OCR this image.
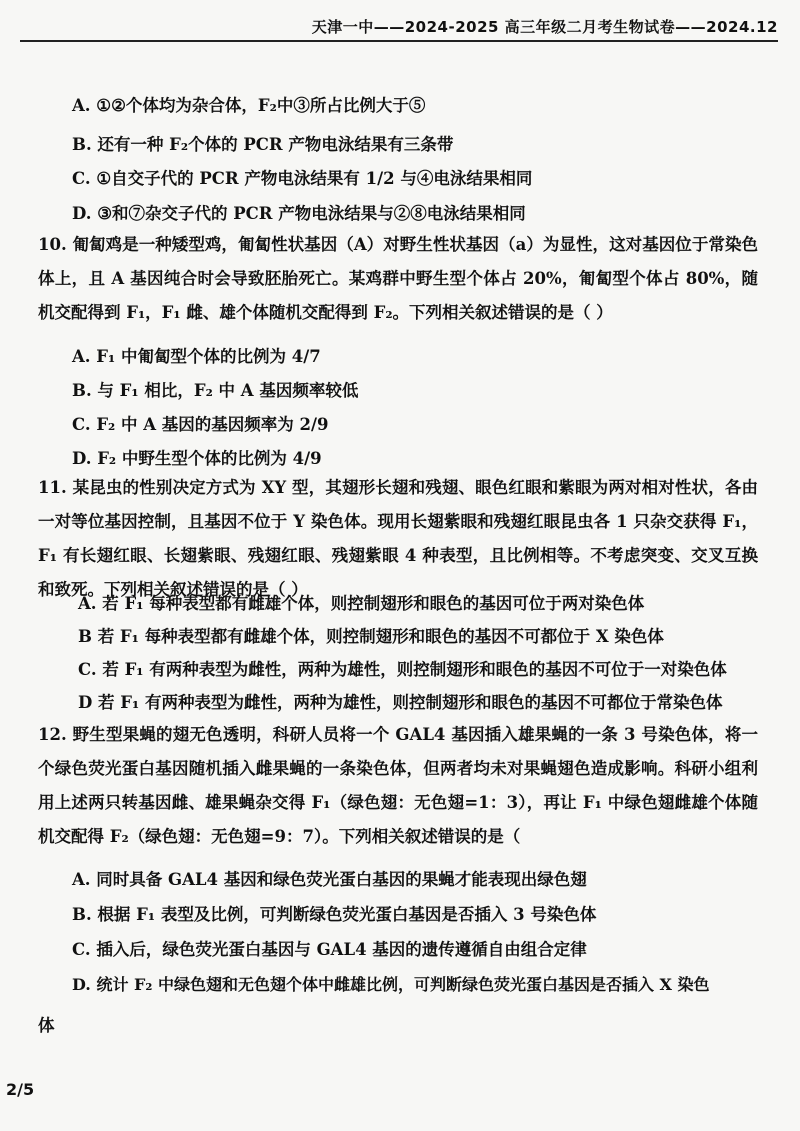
天津一中——2024-2025 高三年级二月考生物试卷——2024.12
A. ①②个体均为杂合体，F₂中③所占比例大于⑤
B. 还有一种 F₂个体的 PCR 产物电泳结果有三条带
C. ①自交子代的 PCR 产物电泳结果有 1/2 与④电泳结果相同
D. ③和⑦杂交子代的 PCR 产物电泳结果与②⑧电泳结果相同
10. 匍匐鸡是一种矮型鸡，匍匐性状基因（A）对野生性状基因（a）为显性，这对基因位于常染色体上，且 A 基因纯合时会导致胚胎死亡。某鸡群中野生型个体占 20%，匍匐型个体占 80%，随机交配得到 F₁，F₁ 雌、雄个体随机交配得到 F₂。下列相关叙述错误的是（ ）
A. F₁ 中匍匐型个体的比例为 4/7
B. 与 F₁ 相比，F₂ 中 A 基因频率较低
C. F₂ 中 A 基因的基因频率为 2/9
D. F₂ 中野生型个体的比例为 4/9
11. 某昆虫的性别决定方式为 XY 型，其翅形长翅和残翅、眼色红眼和紫眼为两对相对性状，各由一对等位基因控制，且基因不位于 Y 染色体。现用长翅紫眼和残翅红眼昆虫各 1 只杂交获得 F₁，F₁ 有长翅红眼、长翅紫眼、残翅红眼、残翅紫眼 4 种表型，且比例相等。不考虑突变、交叉互换和致死。下列相关叙述错误的是（ ）
A. 若 F₁ 每种表型都有雌雄个体，则控制翅形和眼色的基因可位于两对染色体
B 若 F₁ 每种表型都有雌雄个体，则控制翅形和眼色的基因不可都位于 X 染色体
C. 若 F₁ 有两种表型为雌性，两种为雄性，则控制翅形和眼色的基因不可位于一对染色体
D 若 F₁ 有两种表型为雌性，两种为雄性，则控制翅形和眼色的基因不可都位于常染色体
12. 野生型果蝇的翅无色透明，科研人员将一个 GAL4 基因插入雄果蝇的一条 3 号染色体，将一个绿色荧光蛋白基因随机插入雌果蝇的一条染色体，但两者均未对果蝇翅色造成影响。科研小组利用上述两只转基因雌、雄果蝇杂交得 F₁（绿色翅：无色翅=1：3），再让 F₁ 中绿色翅雌雄个体随机交配得 F₂（绿色翅：无色翅=9：7）。下列相关叙述错误的是（
A. 同时具备 GAL4 基因和绿色荧光蛋白基因的果蝇才能表现出绿色翅
B. 根据 F₁ 表型及比例，可判断绿色荧光蛋白基因是否插入 3 号染色体
C. 插入后，绿色荧光蛋白基因与 GAL4 基因的遗传遵循自由组合定律
D. 统计 F₂ 中绿色翅和无色翅个体中雌雄比例，可判断绿色荧光蛋白基因是否插入 X 染色
体
2/5
